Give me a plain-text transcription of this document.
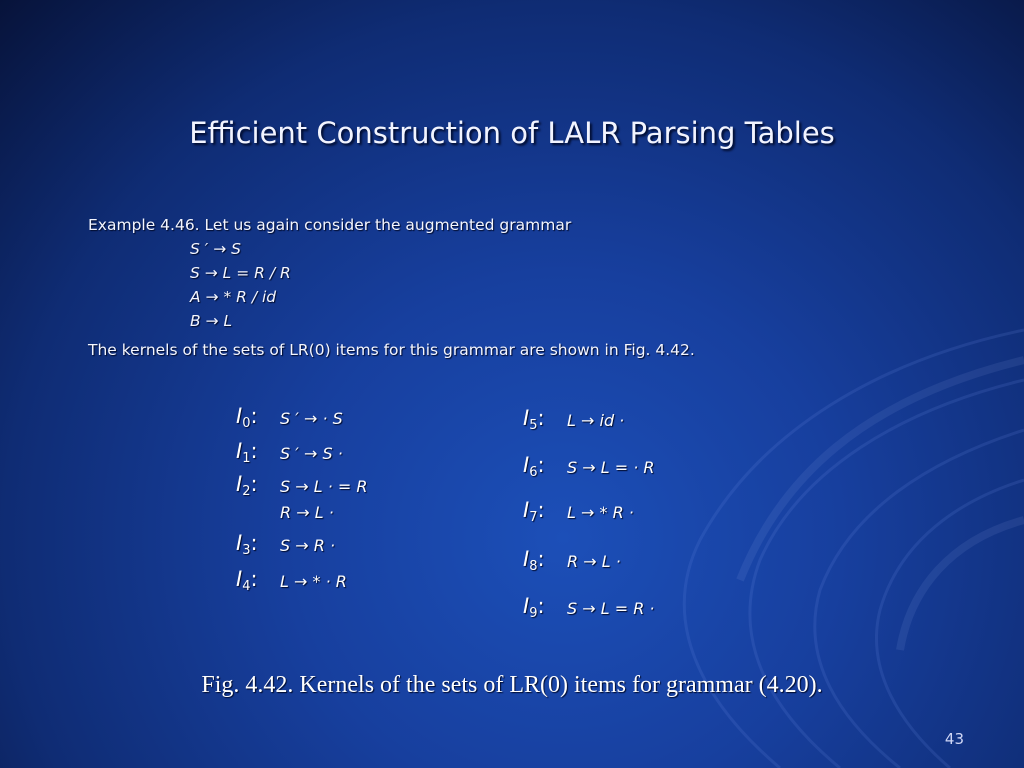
Efficient Construction of LALR Parsing Tables
Example 4.46. Let us again consider the augmented grammar
S ′ → S
S → L = R / R
A → * R / id
B → L
The kernels of the sets of LR(0) items for this grammar are shown in Fig. 4.42.
$I_0$: S ′ → · S
$I_1$: S ′ → S ·
$I_2$: S → L · = R
R → L ·
$I_3$: S → R ·
$I_4$: L → * · R
$I_5$: L → id ·
$I_6$: S → L = · R
$I_7$: L → * R ·
$I_8$: R → L ·
$I_9$: S → L = R ·
Fig. 4.42. Kernels of the sets of LR(0) items for grammar (4.20).
43
